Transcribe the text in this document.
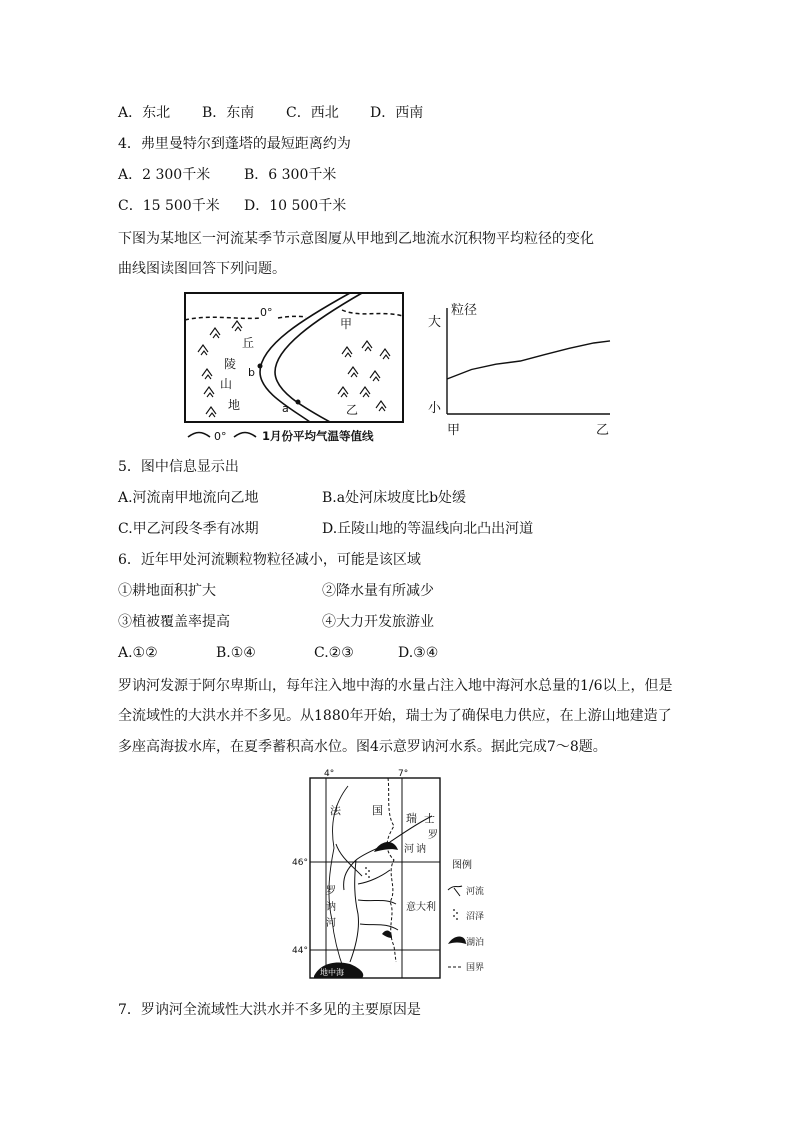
A．东北 B．东南 C．西北 D．西南
4．弗里曼特尔到蓬塔的最短距离约为
A．2 300千米 B．6 300千米
C．15 500千米 D．10 500千米
下图为某地区一河流某季节示意图厦从甲地到乙地流水沉积物平均粒径的变化
曲线图读图回答下列问题。
0°
b
a
丘
陵
山
地
甲
乙
0°	1月份平均气温等值线
大
小
粒径
甲	乙
5．图中信息显示出
A.河流南甲地流向乙地	B.a处河床坡度比b处缓
C.甲乙河段冬季有冰期	D.丘陵山地的等温线向北凸出河道
6．近年甲处河流颗粒物粒径减小，可能是该区域
①耕地面积扩大	②降水量有所减少
③植被覆盖率提高	④大力开发旅游业
A.①②	B.①④	C.②③	D.③④
罗讷河发源于阿尔卑斯山，每年注入地中海的水量占注入地中海河水总量的1/6以上，但是
全流域性的大洪水并不多见。从1880年开始，瑞士为了确保电力供应，在上游山地建造了
多座高海拔水库，在夏季蓄积高水位。图4示意罗讷河水系。据此完成7～8题。
4°	7°
46°
44°
地中海
法	国
瑞 士
罗
讷
河
罗
讷
河
意大利
图例
河流
沼泽
湖泊
国界
7．罗讷河全流域性大洪水并不多见的主要原因是
